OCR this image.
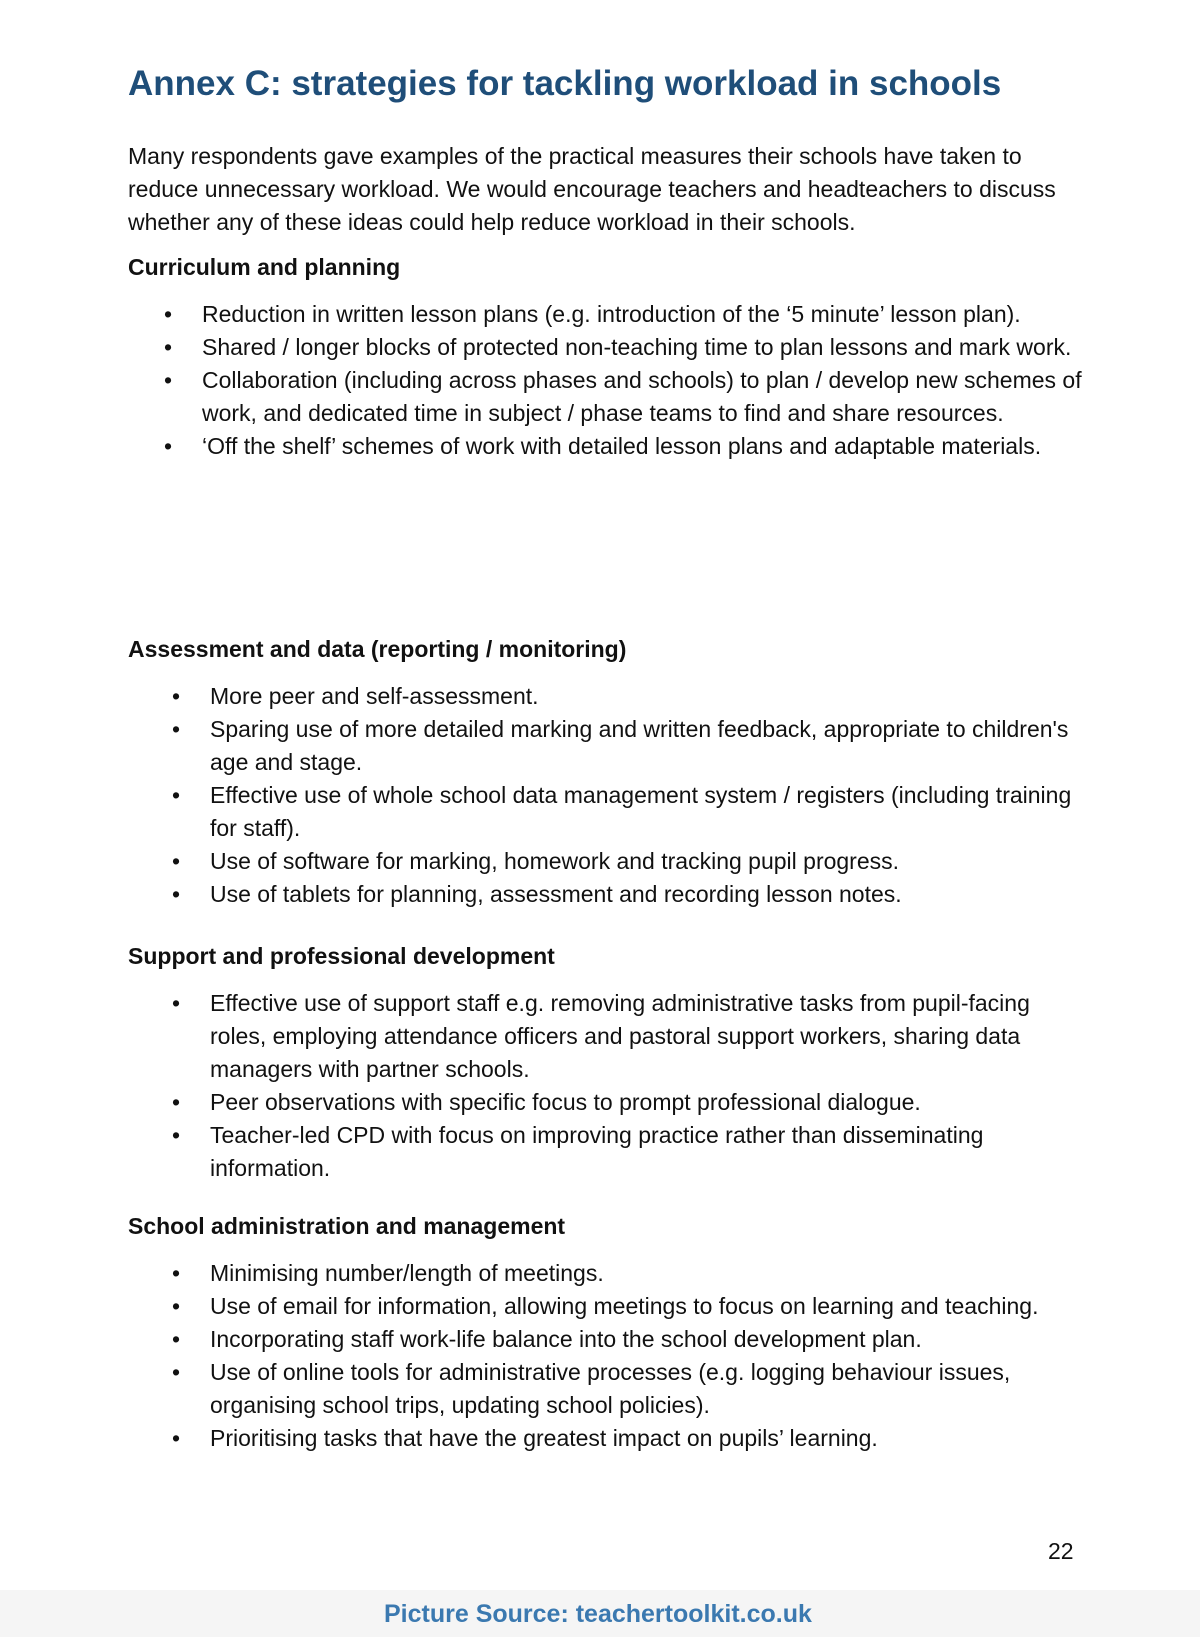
Annex C: strategies for tackling workload in schools

Many respondents gave examples of the practical measures their schools have taken to reduce unnecessary workload. We would encourage teachers and headteachers to discuss whether any of these ideas could help reduce workload in their schools.

Curriculum and planning
• Reduction in written lesson plans (e.g. introduction of the ‘5 minute’ lesson plan).
• Shared / longer blocks of protected non-teaching time to plan lessons and mark work.
• Collaboration (including across phases and schools) to plan / develop new schemes of work, and dedicated time in subject / phase teams to find and share resources.
• ‘Off the shelf’ schemes of work with detailed lesson plans and adaptable materials.
Assessment and data (reporting / monitoring)
• More peer and self-assessment.
• Sparing use of more detailed marking and written feedback, appropriate to children's age and stage.
• Effective use of whole school data management system / registers (including training for staff).
• Use of software for marking, homework and tracking pupil progress.
• Use of tablets for planning, assessment and recording lesson notes.
Support and professional development
• Effective use of support staff e.g. removing administrative tasks from pupil-facing roles, employing attendance officers and pastoral support workers, sharing data managers with partner schools.
• Peer observations with specific focus to prompt professional dialogue.
• Teacher-led CPD with focus on improving practice rather than disseminating information.
School administration and management
• Minimising number/length of meetings.
• Use of email for information, allowing meetings to focus on learning and teaching.
• Incorporating staff work-life balance into the school development plan.
• Use of online tools for administrative processes (e.g. logging behaviour issues, organising school trips, updating school policies).
• Prioritising tasks that have the greatest impact on pupils’ learning.
22
Picture Source: teachertoolkit.co.uk
